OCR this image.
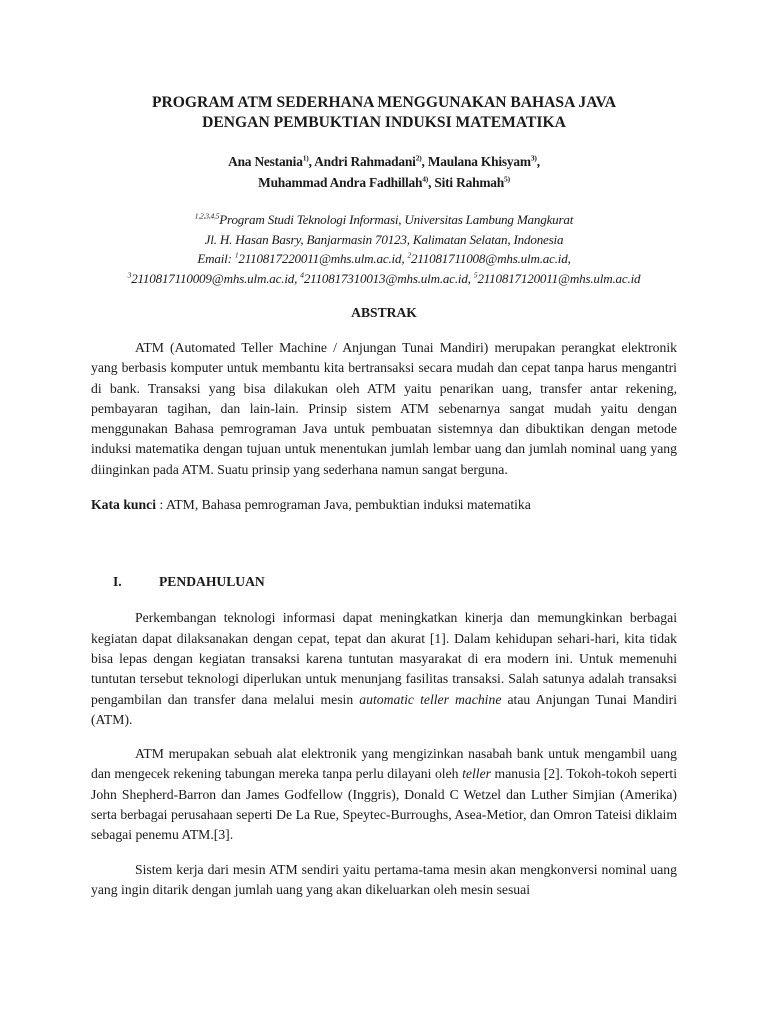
PROGRAM ATM SEDERHANA MENGGUNAKAN BAHASA JAVA
DENGAN PEMBUKTIAN INDUKSI MATEMATIKA
Ana Nestania$^{1)}$, Andri Rahmadani$^{2)}$, Maulana Khisyam$^{3)}$,
Muhammad Andra Fadhillah$^{4)}$, Siti Rahmah$^{5)}$
$^{1,2,3,4,5}$Program Studi Teknologi Informasi, Universitas Lambung Mangkurat
Jl. H. Hasan Basry, Banjarmasin 70123, Kalimatan Selatan, Indonesia
Email: $^1$2110817220011@mhs.ulm.ac.id, $^2$211081711008@mhs.ulm.ac.id,
$^3$2110817110009@mhs.ulm.ac.id, $^4$2110817310013@mhs.ulm.ac.id, $^5$2110817120011@mhs.ulm.ac.id
ABSTRAK

ATM (Automated Teller Machine / Anjungan Tunai Mandiri) merupakan perangkat elektronik yang berbasis komputer untuk membantu kita bertransaksi secara mudah dan cepat tanpa harus mengantri di bank. Transaksi yang bisa dilakukan oleh ATM yaitu penarikan uang, transfer antar rekening, pembayaran tagihan, dan lain-lain. Prinsip sistem ATM sebenarnya sangat mudah yaitu dengan menggunakan Bahasa pemrograman Java untuk pembuatan sistemnya dan dibuktikan dengan metode induksi matematika dengan tujuan untuk menentukan jumlah lembar uang dan jumlah nominal uang yang diinginkan pada ATM. Suatu prinsip yang sederhana namun sangat berguna.

Kata kunci : ATM, Bahasa pemrograman Java, pembuktian induksi matematika

I.	PENDAHULUAN

Perkembangan teknologi informasi dapat meningkatkan kinerja dan memungkinkan berbagai kegiatan dapat dilaksanakan dengan cepat, tepat dan akurat [1]. Dalam kehidupan sehari-hari, kita tidak bisa lepas dengan kegiatan transaksi karena tuntutan masyarakat di era modern ini. Untuk memenuhi tuntutan tersebut teknologi diperlukan untuk menunjang fasilitas transaksi. Salah satunya adalah transaksi pengambilan dan transfer dana melalui mesin automatic teller machine atau Anjungan Tunai Mandiri (ATM).

ATM merupakan sebuah alat elektronik yang mengizinkan nasabah bank untuk mengambil uang dan mengecek rekening tabungan mereka tanpa perlu dilayani oleh teller manusia [2]. Tokoh-tokoh seperti John Shepherd-Barron dan James Godfellow (Inggris), Donald C Wetzel dan Luther Simjian (Amerika) serta berbagai perusahaan seperti De La Rue, Speytec-Burroughs, Asea-Metior, dan Omron Tateisi diklaim sebagai penemu ATM.[3].

Sistem kerja dari mesin ATM sendiri yaitu pertama-tama mesin akan mengkonversi nominal uang yang ingin ditarik dengan jumlah uang yang akan dikeluarkan oleh mesin sesuai
